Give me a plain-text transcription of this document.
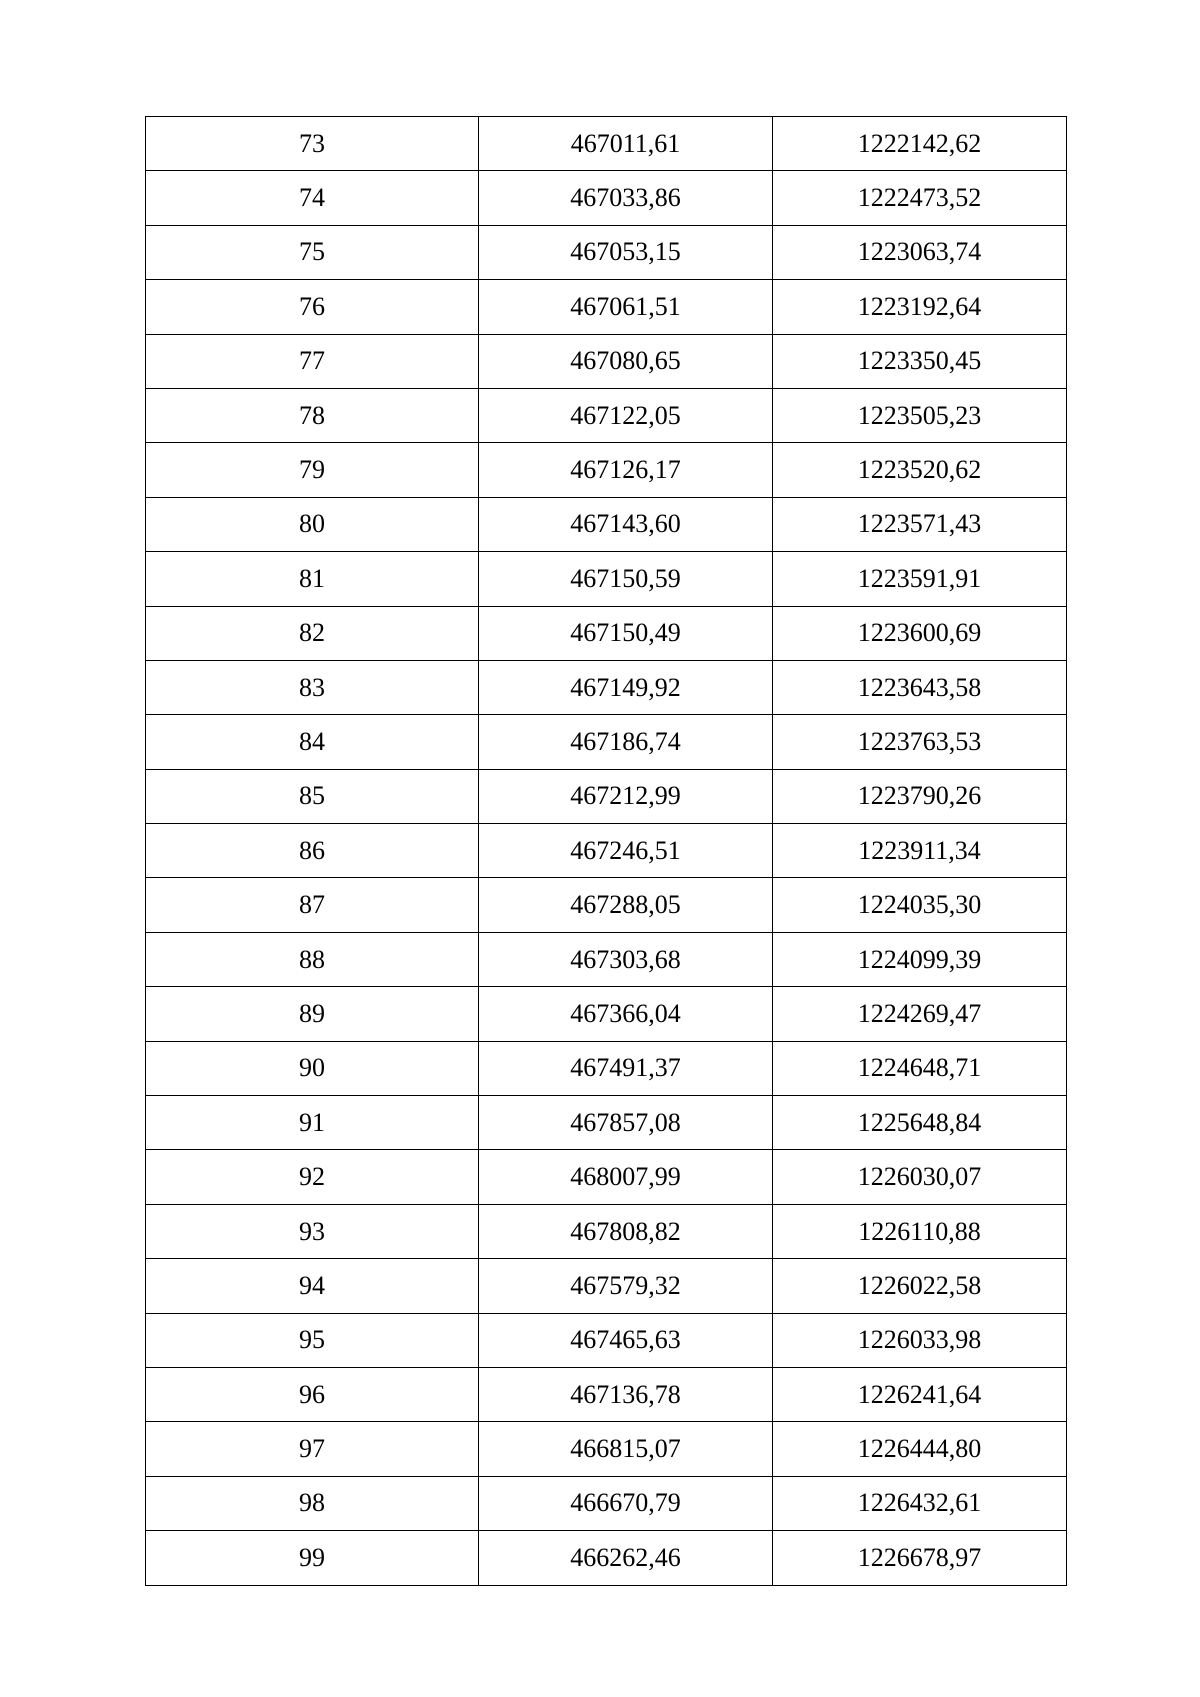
73	467011,61	1222142,62
74	467033,86	1222473,52
75	467053,15	1223063,74
76	467061,51	1223192,64
77	467080,65	1223350,45
78	467122,05	1223505,23
79	467126,17	1223520,62
80	467143,60	1223571,43
81	467150,59	1223591,91
82	467150,49	1223600,69
83	467149,92	1223643,58
84	467186,74	1223763,53
85	467212,99	1223790,26
86	467246,51	1223911,34
87	467288,05	1224035,30
88	467303,68	1224099,39
89	467366,04	1224269,47
90	467491,37	1224648,71
91	467857,08	1225648,84
92	468007,99	1226030,07
93	467808,82	1226110,88
94	467579,32	1226022,58
95	467465,63	1226033,98
96	467136,78	1226241,64
97	466815,07	1226444,80
98	466670,79	1226432,61
99	466262,46	1226678,97
